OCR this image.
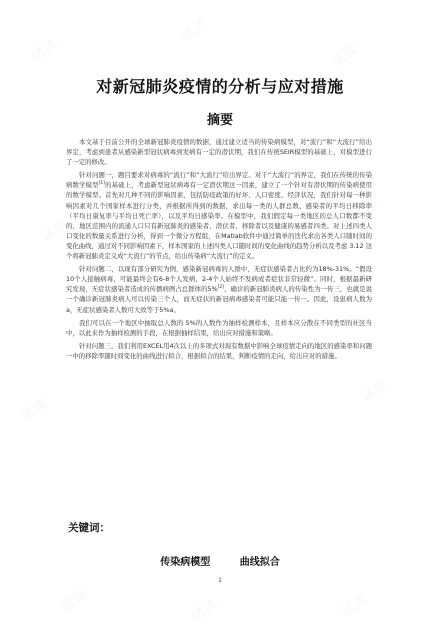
对新冠肺炎疫情的分析与应对措施
摘要

本文基于目前公开的全球新冠肺炎疫情的数据，通过建立适当的传染病模型，对“流行”和“大流行”给出界定，考虑到患者从感染新型冠状病毒到发病有一定的潜伏期，我们在传统SEIR模型的基础上，对模型进行了一定的修改。

针对问题一，题目要求对病毒的“流行”和“大流行”给出界定。对于“大流行”的界定，我们在传统的传染病数学模型[1]的基础上，考虑新型冠状病毒有一定潜伏期这一因素，建立了一个针对有潜伏期的传染病使用的数学模型。首先对几种不同的影响因素，包括防疫政策的好坏、人口密度、经济状况，我们针对每一种影响因素对几个国家样本进行分类，并根据所得到的数据，求出每一类的人群总数、感染者的平均日移除率（平均日康复率与平均日死亡率），以及平均日感染率。在模型中，我们假定每一类地区的总人口数都不变的，地区范围内的流通人口只有新冠肺炎的感染者、潜伏者、移除者以及健康的易感者四类。对上述四类人口变化的数量关系进行分析，得到一个微分方程组，在Matlab软件中通过简单的迭代求出各类人口随时间的变化曲线，通过对不同影响因素下，样本国家的上述四类人口随时间的变化曲线的趋势分析以及考虑 3.12 这个将新冠肺炎定义成“大流行”的节点，给出传染病“大流行”的定义。

针对问题二，以现有部分研究为例，感染新冠病毒的人群中，无症状感染者占比约为18%-31%。“假设10个人接触病毒，可能最终会有6-8个人发病，2-4个人始终不发病或者症状非常轻微”。同时，根据最新研究发现，无症状感染者造成的传播病例占总群体的5%[2]，确诊的新冠肺炎病人的传染性为一传三，也就是说一个确诊新冠肺炎病人可以传染三个人，而无症状的新冠病毒感染者可能只能一传一。因此，设患病人数为a，无症状感染者人数可大致等于5%a。

我们可以在一个地区中抽取总人数的 5%的人数作为抽样检测样本，且样本应分散在不同类型的社区当中，以此来作为抽样检测的手段，在根据抽样结果，给出应对措施和策略。

针对问题三，我们利用EXCEL用4次以上的多项式对现有数据中影响全球疫情走向的地区的感染率和问题一中的移除率随时间变化的曲线进行拟合，根据拟合的结果，判断疫情的走向，给出应对的措施。

关键词：
传染病模型	曲线拟合
1
